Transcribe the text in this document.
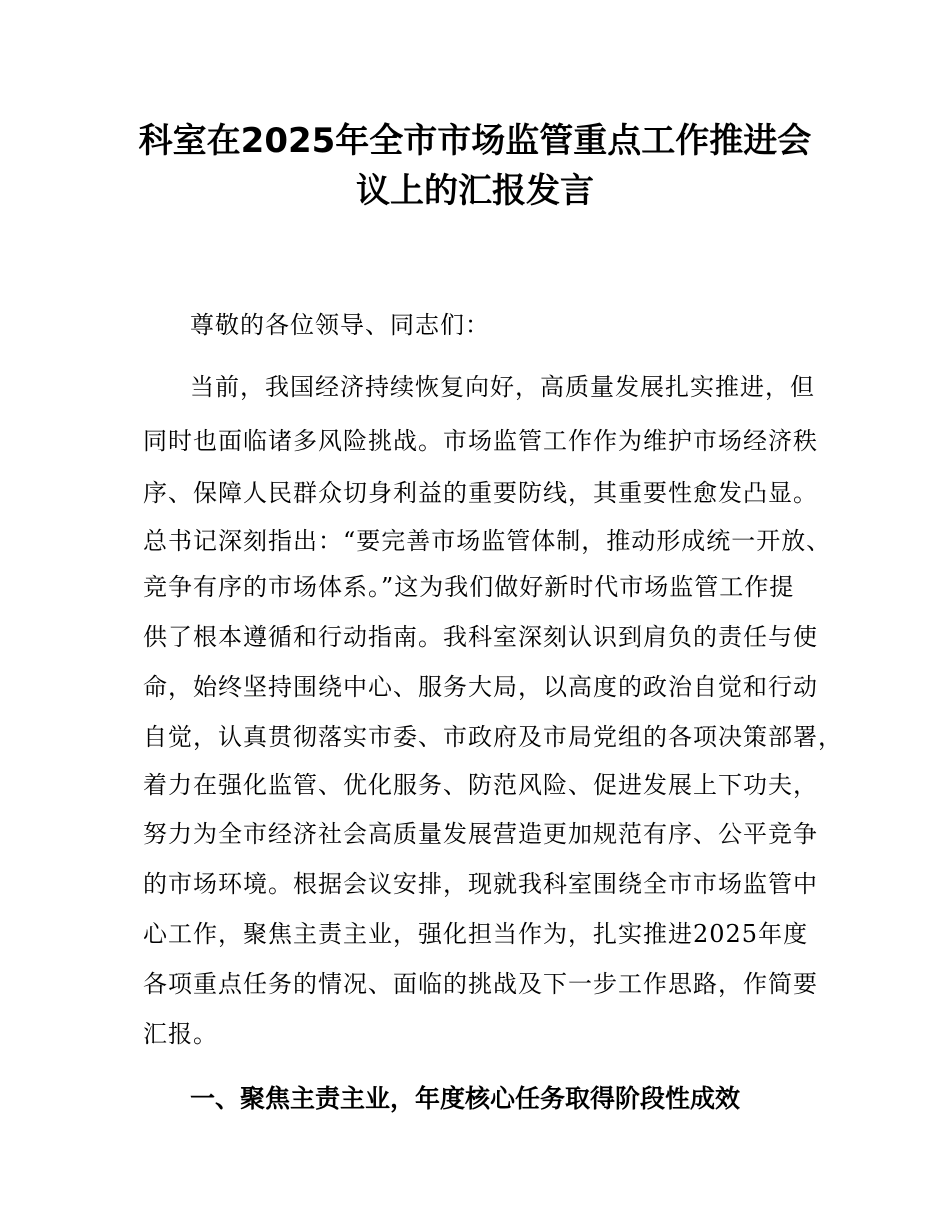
科室在2025年全市市场监管重点工作推进会
议上的汇报发言
尊敬的各位领导、同志们：
当前，我国经济持续恢复向好，高质量发展扎实推进，但
同时也面临诸多风险挑战。市场监管工作作为维护市场经济秩
序、保障人民群众切身利益的重要防线，其重要性愈发凸显。
总书记深刻指出：“要完善市场监管体制，推动形成统一开放、
竞争有序的市场体系。”这为我们做好新时代市场监管工作提
供了根本遵循和行动指南。我科室深刻认识到肩负的责任与使
命，始终坚持围绕中心、服务大局，以高度的政治自觉和行动
自觉，认真贯彻落实市委、市政府及市局党组的各项决策部署，
着力在强化监管、优化服务、防范风险、促进发展上下功夫，
努力为全市经济社会高质量发展营造更加规范有序、公平竞争
的市场环境。根据会议安排，现就我科室围绕全市市场监管中
心工作，聚焦主责主业，强化担当作为，扎实推进2025年度
各项重点任务的情况、面临的挑战及下一步工作思路，作简要
汇报。
一、聚焦主责主业，年度核心任务取得阶段性成效
